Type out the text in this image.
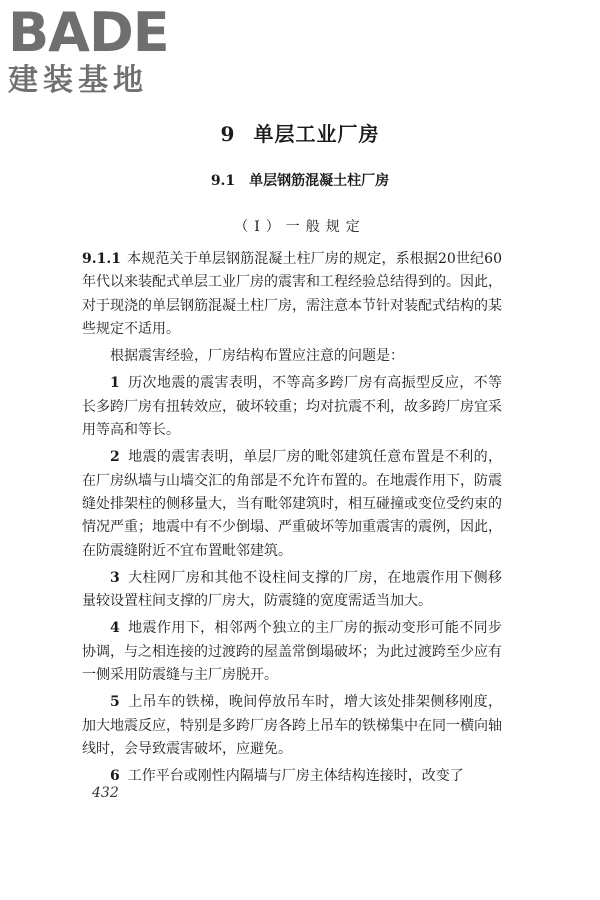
BADE
建装基地
9 单层工业厂房
9.1 单层钢筋混凝土柱厂房
（Ⅰ）一般规定

9.1.1 本规范关于单层钢筋混凝土柱厂房的规定，系根据20世纪60年代以来装配式单层工业厂房的震害和工程经验总结得到的。因此，对于现浇的单层钢筋混凝土柱厂房，需注意本节针对装配式结构的某些规定不适用。

根据震害经验，厂房结构布置应注意的问题是：

1 历次地震的震害表明，不等高多跨厂房有高振型反应，不等长多跨厂房有扭转效应，破坏较重；均对抗震不利，故多跨厂房宜采用等高和等长。

2 地震的震害表明，单层厂房的毗邻建筑任意布置是不利的，在厂房纵墙与山墙交汇的角部是不允许布置的。在地震作用下，防震缝处排架柱的侧移量大，当有毗邻建筑时，相互碰撞或变位受约束的情况严重；地震中有不少倒塌、严重破坏等加重震害的震例，因此，在防震缝附近不宜布置毗邻建筑。

3 大柱网厂房和其他不设柱间支撑的厂房，在地震作用下侧移量较设置柱间支撑的厂房大，防震缝的宽度需适当加大。

4 地震作用下，相邻两个独立的主厂房的振动变形可能不同步协调，与之相连接的过渡跨的屋盖常倒塌破坏；为此过渡跨至少应有一侧采用防震缝与主厂房脱开。

5 上吊车的铁梯，晚间停放吊车时，增大该处排架侧移刚度，加大地震反应，特别是多跨厂房各跨上吊车的铁梯集中在同一横向轴线时，会导致震害破坏，应避免。

6 工作平台或刚性内隔墙与厂房主体结构连接时，改变了

432
